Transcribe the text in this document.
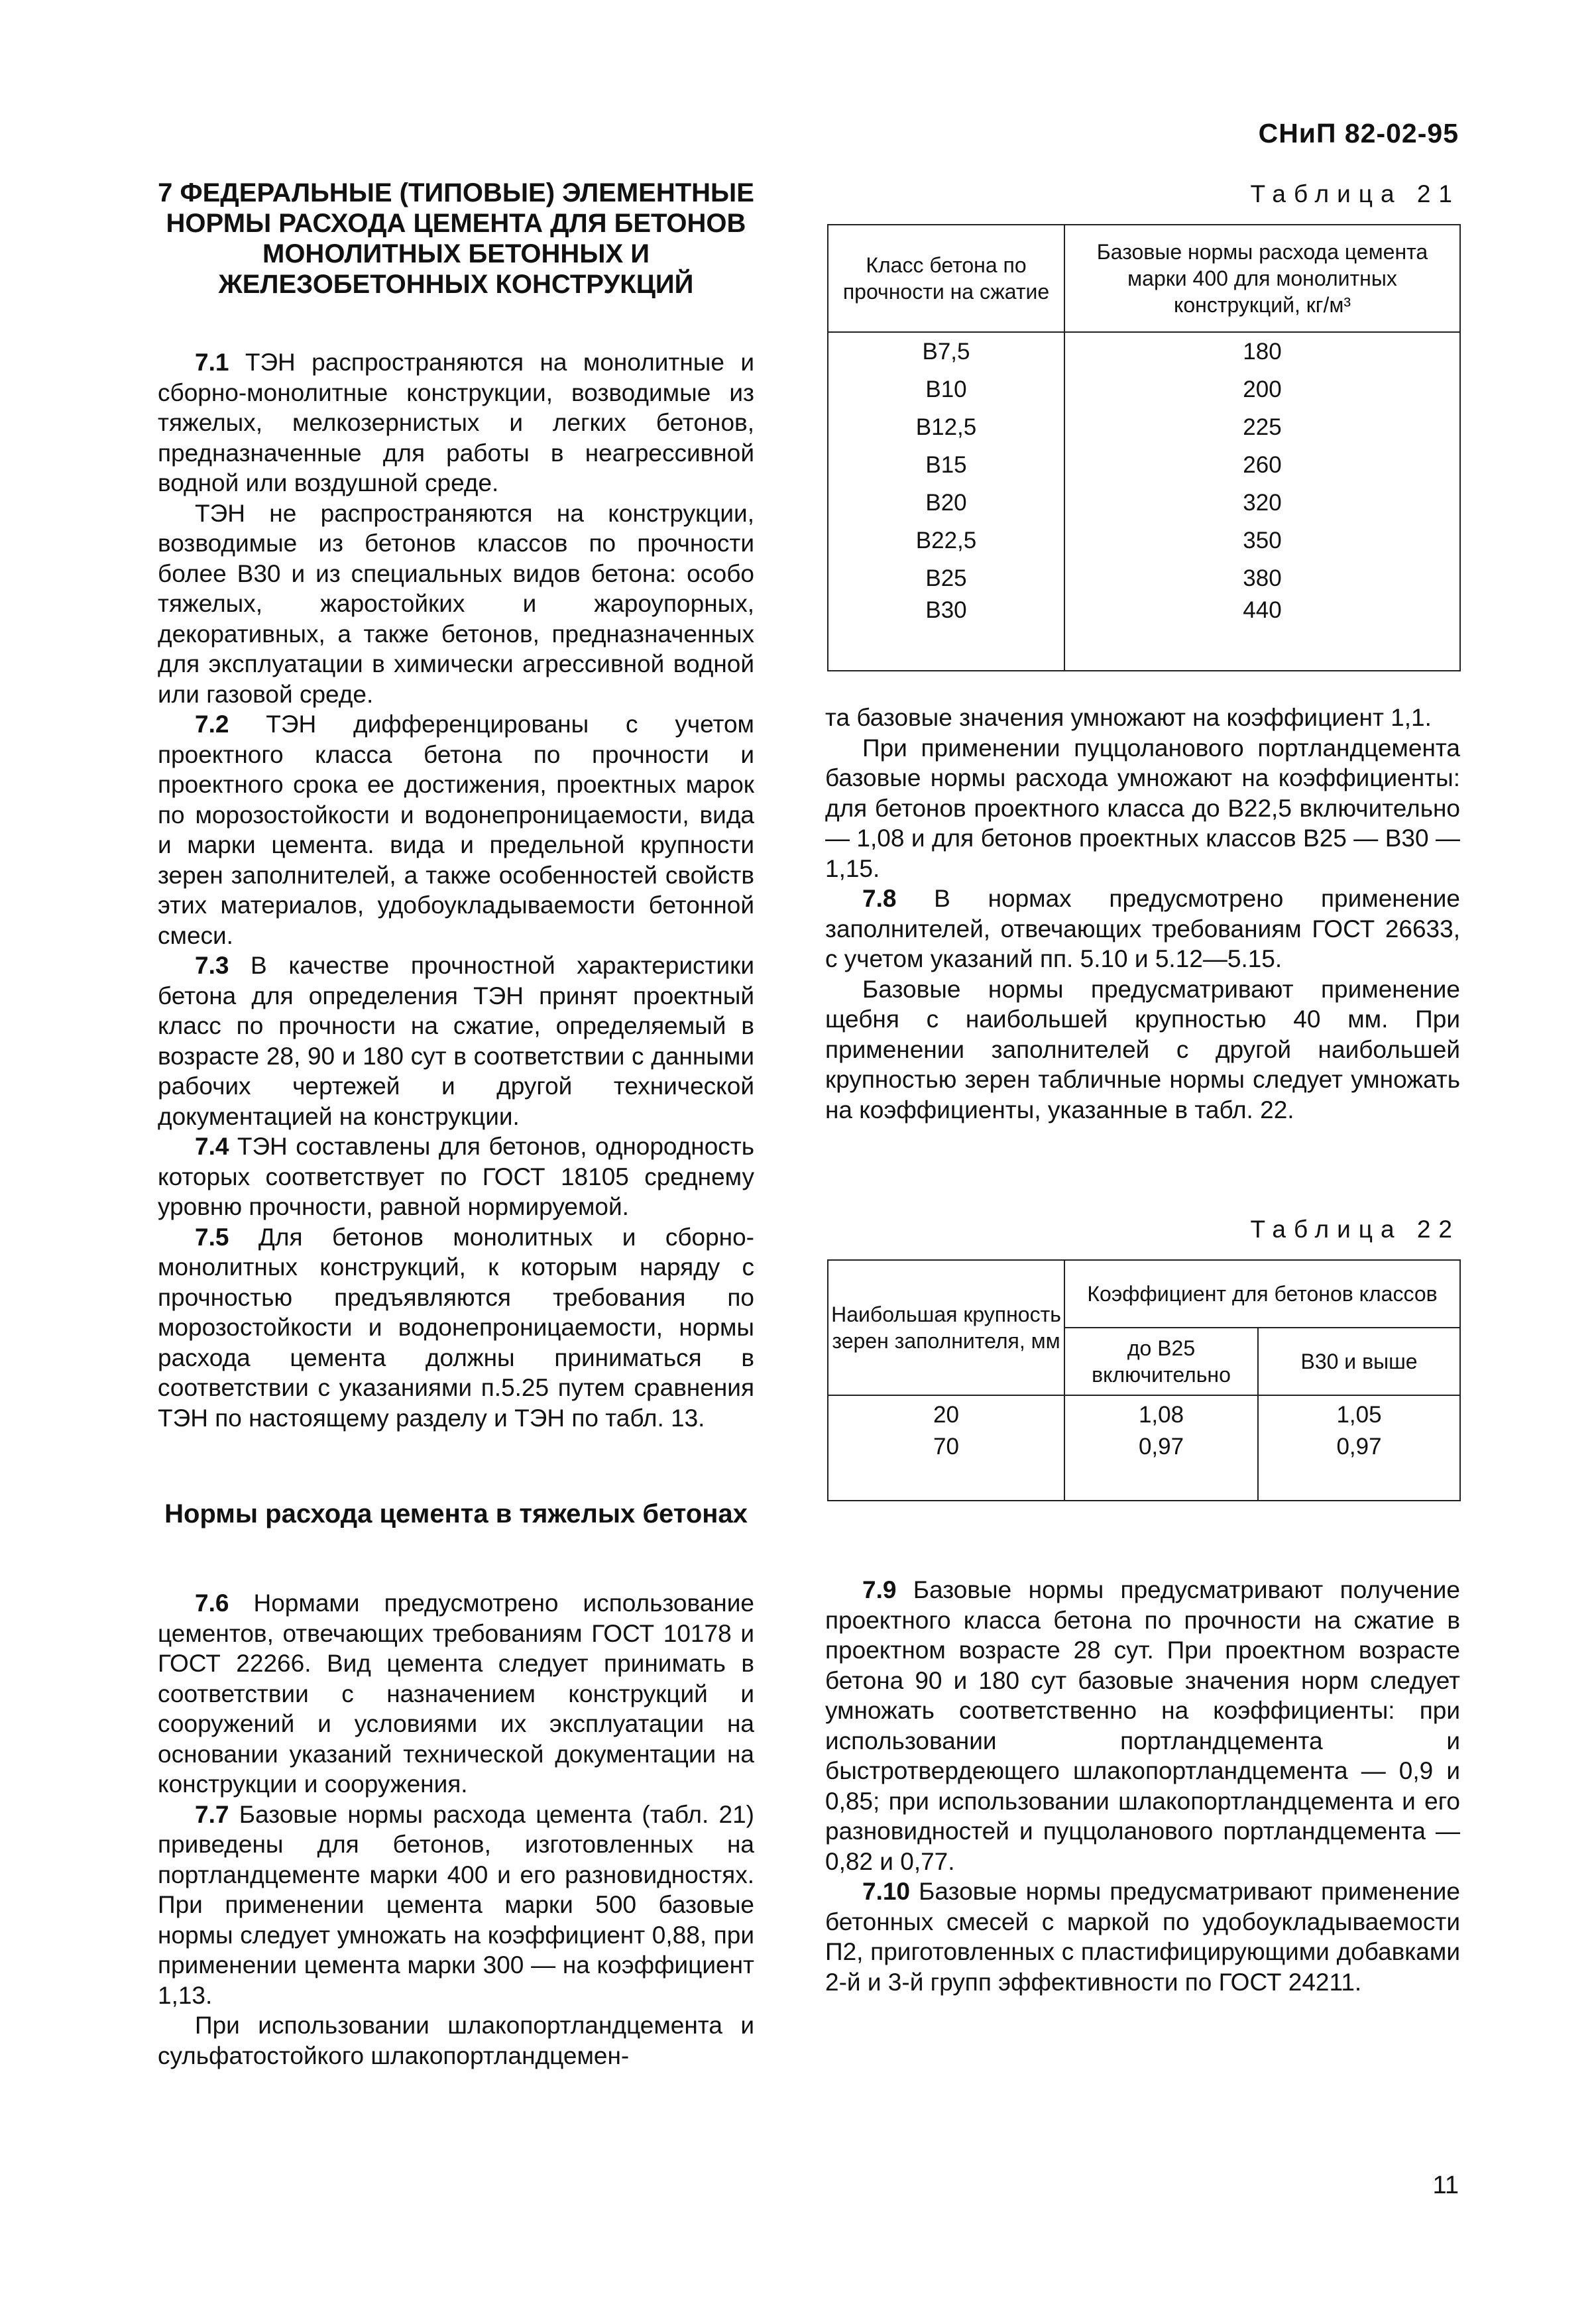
СНиП 82-02-95
7 ФЕДЕРАЛЬНЫЕ (ТИПОВЫЕ) ЭЛЕМЕНТНЫЕ НОРМЫ РАСХОДА ЦЕМЕНТА ДЛЯ БЕТОНОВ МОНОЛИТНЫХ БЕТОННЫХ И ЖЕЛЕЗОБЕТОННЫХ КОНСТРУКЦИЙ

7.1 ТЭН распространяются на монолитные и сборно-монолитные конструкции, возводимые из тяжелых, мелкозернистых и легких бетонов, предназначенные для работы в неагрессивной водной или воздушной среде.

ТЭН не распространяются на конструкции, возводимые из бетонов классов по прочности более В30 и из специальных видов бетона: особо тяжелых, жаростойких и жароупорных, декоративных, а также бетонов, предназначенных для эксплуатации в химически агрессивной водной или газовой среде.

7.2 ТЭН дифференцированы с учетом проектного класса бетона по прочности и проектного срока ее достижения, проектных марок по морозостойкости и водонепроницаемости, вида и марки цемента. вида и предельной крупности зерен заполнителей, а также особенностей свойств этих материалов, удобоукладываемости бетонной смеси.

7.3 В качестве прочностной характеристики бетона для определения ТЭН принят проектный класс по прочности на сжатие, определяемый в возрасте 28, 90 и 180 сут в соответствии с данными рабочих чертежей и другой технической документацией на конструкции.

7.4 ТЭН составлены для бетонов, однородность которых соответствует по ГОСТ 18105 среднему уровню прочности, равной нормируемой.

7.5 Для бетонов монолитных и сборно-монолитных конструкций, к которым наряду с прочностью предъявляются требования по морозостойкости и водонепроницаемости, нормы расхода цемента должны приниматься в соответствии с указаниями п.5.25 путем сравнения ТЭН по настоящему разделу и ТЭН по табл. 13.

Нормы расхода цемента в тяжелых бетонах

7.6 Нормами предусмотрено использование цементов, отвечающих требованиям ГОСТ 10178 и ГОСТ 22266. Вид цемента следует принимать в соответствии с назначением конструкций и сооружений и условиями их эксплуатации на основании указаний технической документации на конструкции и сооружения.

7.7 Базовые нормы расхода цемента (табл. 21) приведены для бетонов, изготовленных на портландцементе марки 400 и его разновидностях. При применении цемента марки 500 базовые нормы следует умножать на коэффициент 0,88, при применении цемента марки 300 — на коэффициент 1,13.

При использовании шлакопортландцемента и сульфатостойкого шлакопортландцемен-

Таблица 21
Класс бетона по прочности на сжатие	Базовые нормы расхода цемента марки 400 для монолитных конструкций, кг/м³
В7,5	180
В10	200
В12,5	225
В15	260
В20	320
В22,5	350
В25	380
В30	440

та базовые значения умножают на коэффициент 1,1.

При применении пуццоланового портландцемента базовые нормы расхода умножают на коэффициенты: для бетонов проектного класса до В22,5 включительно — 1,08 и для бетонов проектных классов В25 — В30 — 1,15.

7.8 В нормах предусмотрено применение заполнителей, отвечающих требованиям ГОСТ 26633, с учетом указаний пп. 5.10 и 5.12—5.15.

Базовые нормы предусматривают применение щебня с наибольшей крупностью 40 мм. При применении заполнителей с другой наибольшей крупностью зерен табличные нормы следует умножать на коэффициенты, указанные в табл. 22.

Таблица 22
Наибольшая крупность зерен заполнителя, мм	Коэффициент для бетонов классов	
	до В25 включительно	В30 и выше
20	1,08	1,05
70	0,97	0,97

7.9 Базовые нормы предусматривают получение проектного класса бетона по прочности на сжатие в проектном возрасте 28 сут. При проектном возрасте бетона 90 и 180 сут базовые значения норм следует умножать соответственно на коэффициенты: при использовании портландцемента и быстротвердеющего шлакопортландцемента — 0,9 и 0,85; при использовании шлакопортландцемента и его разновидностей и пуццоланового портландцемента — 0,82 и 0,77.

7.10 Базовые нормы предусматривают применение бетонных смесей с маркой по удобоукладываемости П2, приготовленных с пластифицирующими добавками 2-й и 3-й групп эффективности по ГОСТ 24211.

11
